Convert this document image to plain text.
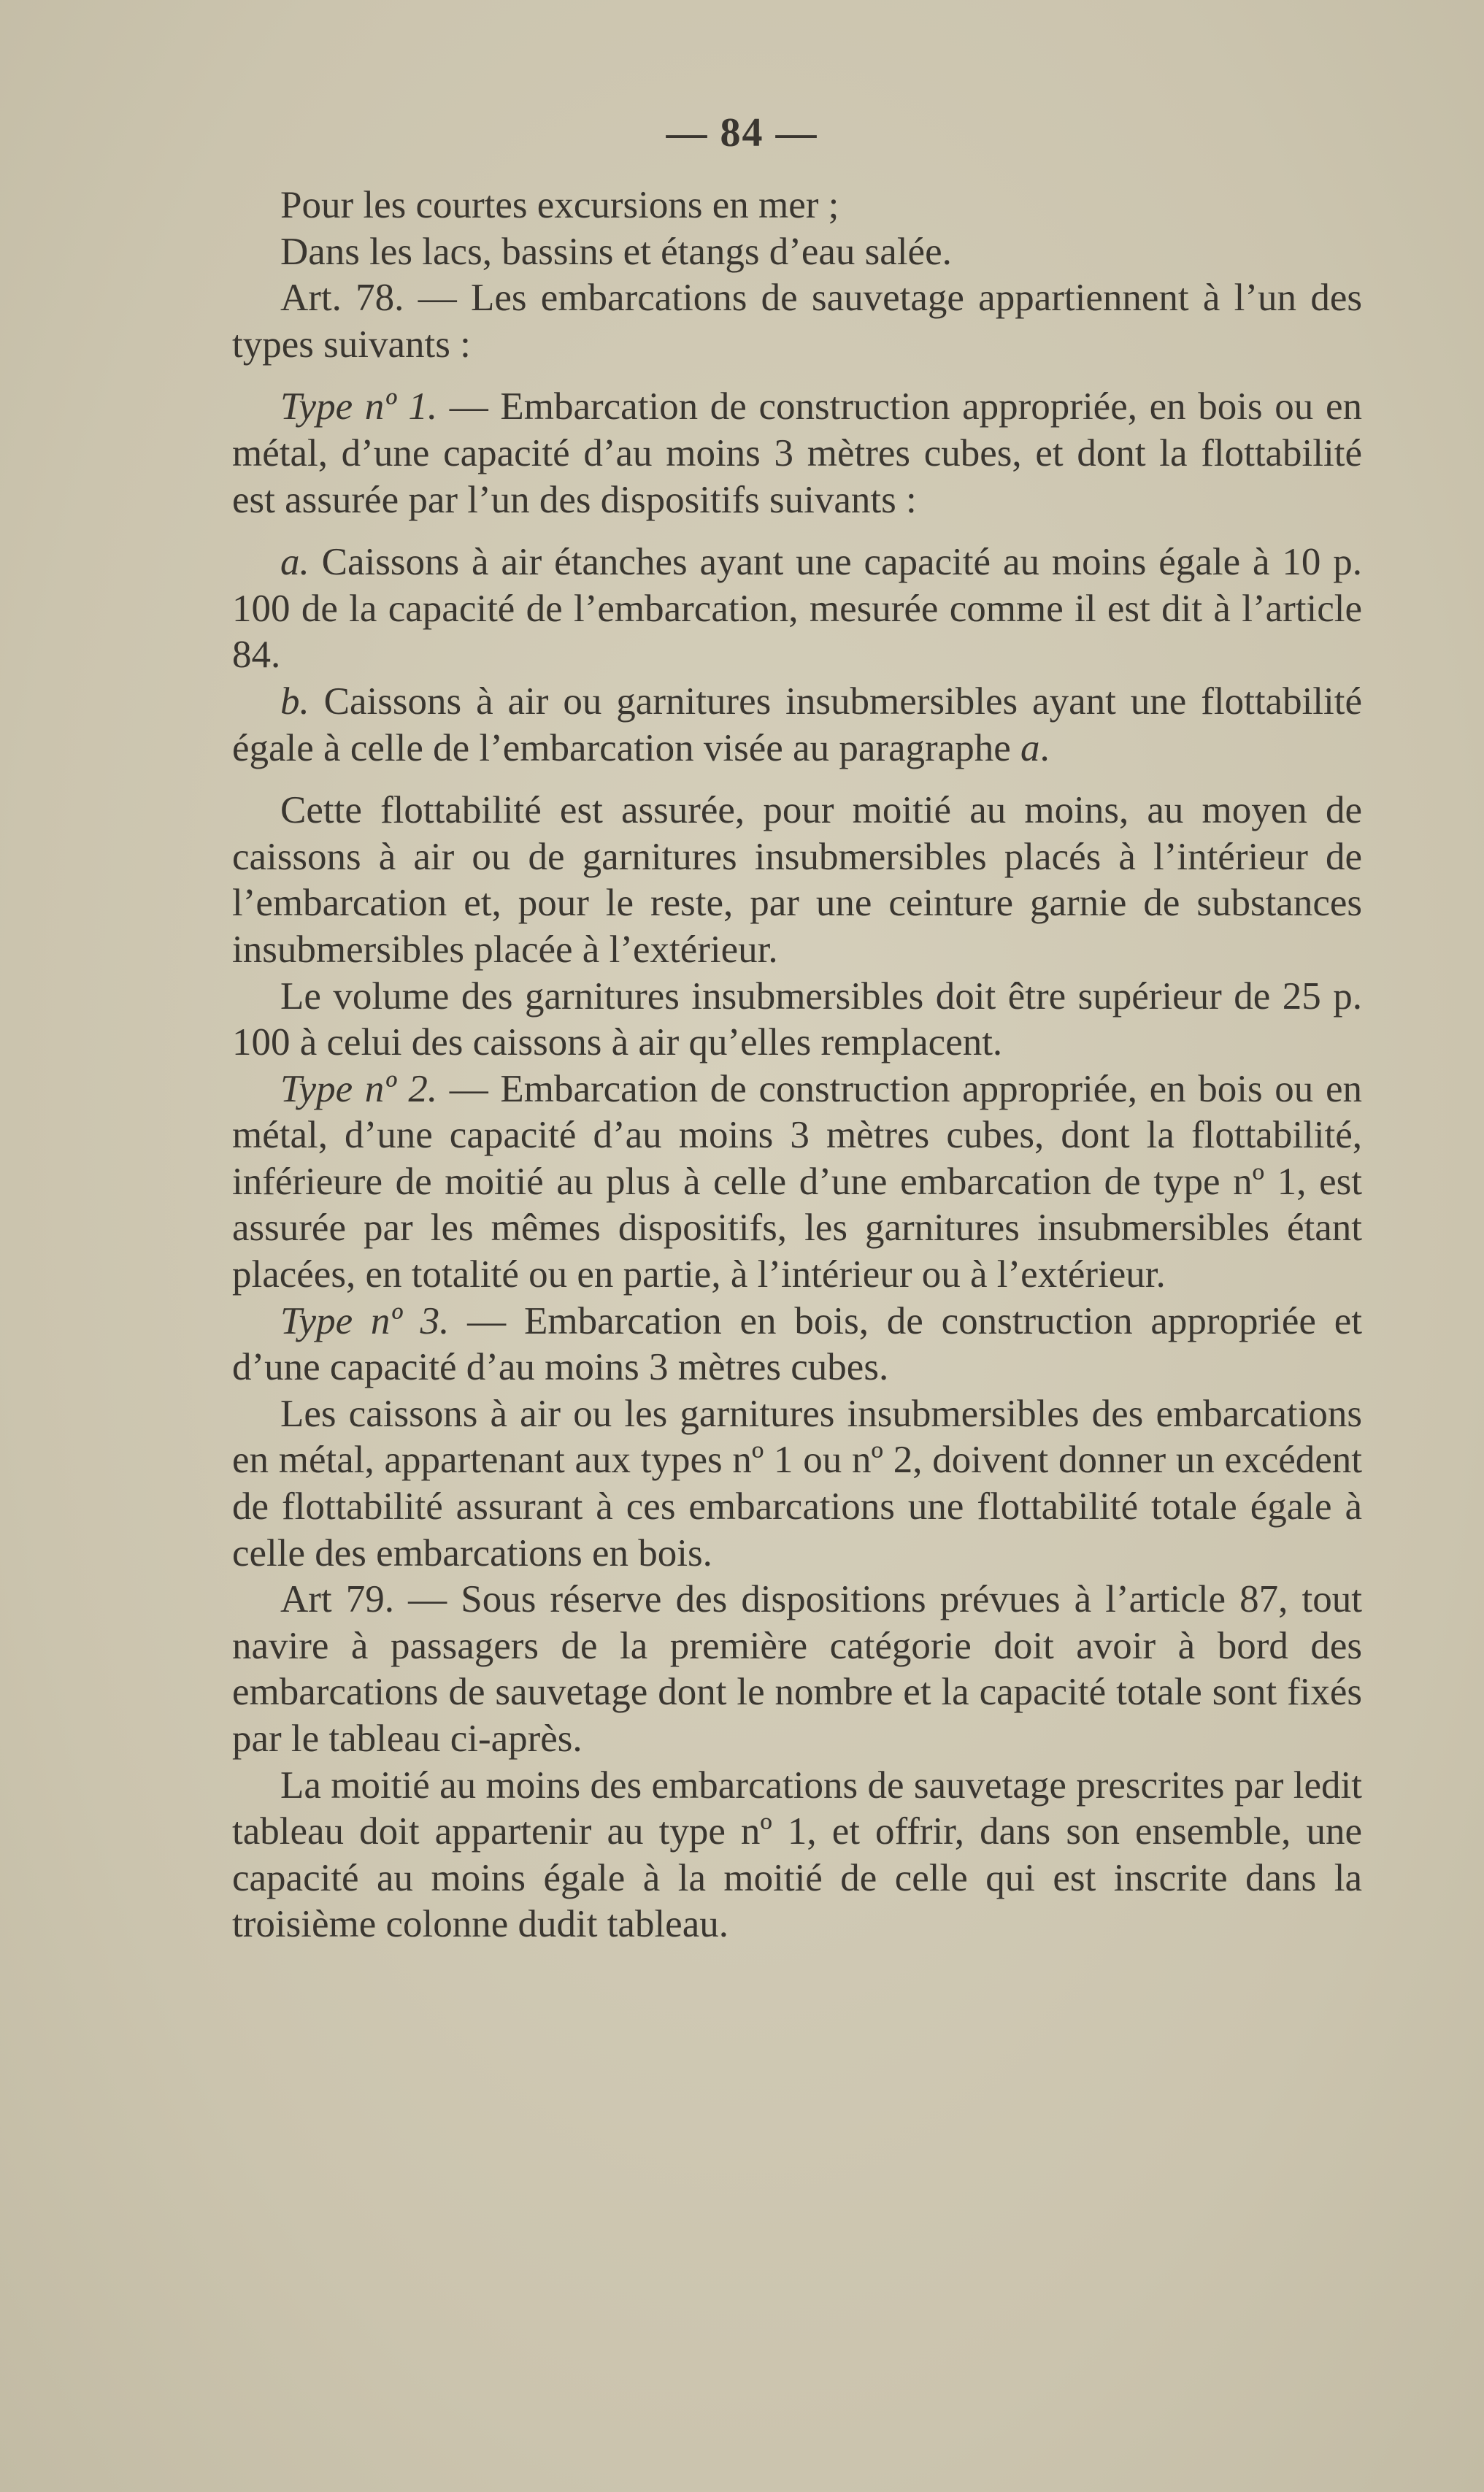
— 84 —

Pour les courtes excursions en mer ;

Dans les lacs, bassins et étangs d’eau salée.

Art. 78. — Les embarcations de sauvetage appartiennent à l’un des types suivants :

Type nº 1. — Embarcation de construction appropriée, en bois ou en métal, d’une capacité d’au moins 3 mètres cubes, et dont la flottabilité est assurée par l’un des dispositifs suivants :

a. Caissons à air étanches ayant une capacité au moins égale à 10 p. 100 de la capacité de l’embarcation, mesurée comme il est dit à l’article 84.

b. Caissons à air ou garnitures insubmersibles ayant une flottabilité égale à celle de l’embarcation visée au paragraphe a.

Cette flottabilité est assurée, pour moitié au moins, au moyen de caissons à air ou de garnitures insubmersibles placés à l’intérieur de l’embarcation et, pour le reste, par une ceinture garnie de substances insubmersibles placée à l’extérieur.

Le volume des garnitures insubmersibles doit être supérieur de 25 p. 100 à celui des caissons à air qu’elles remplacent.

Type nº 2. — Embarcation de construction appropriée, en bois ou en métal, d’une capacité d’au moins 3 mètres cubes, dont la flottabilité, inférieure de moitié au plus à celle d’une embarcation de type nº 1, est assurée par les mêmes dispositifs, les garnitures insubmersibles étant placées, en totalité ou en partie, à l’intérieur ou à l’extérieur.

Type nº 3. — Embarcation en bois, de construction appropriée et d’une capacité d’au moins 3 mètres cubes.

Les caissons à air ou les garnitures insubmersibles des embarcations en métal, appartenant aux types nº 1 ou nº 2, doivent donner un excédent de flottabilité assurant à ces embarcations une flottabilité totale égale à celle des embarcations en bois.

Art 79. — Sous réserve des dispositions prévues à l’article 87, tout navire à passagers de la première catégorie doit avoir à bord des embarcations de sauvetage dont le nombre et la capacité totale sont fixés par le tableau ci-après.

La moitié au moins des embarcations de sauvetage prescrites par ledit tableau doit appartenir au type nº 1, et offrir, dans son ensemble, une capacité au moins égale à la moitié de celle qui est inscrite dans la troisième colonne dudit tableau.
